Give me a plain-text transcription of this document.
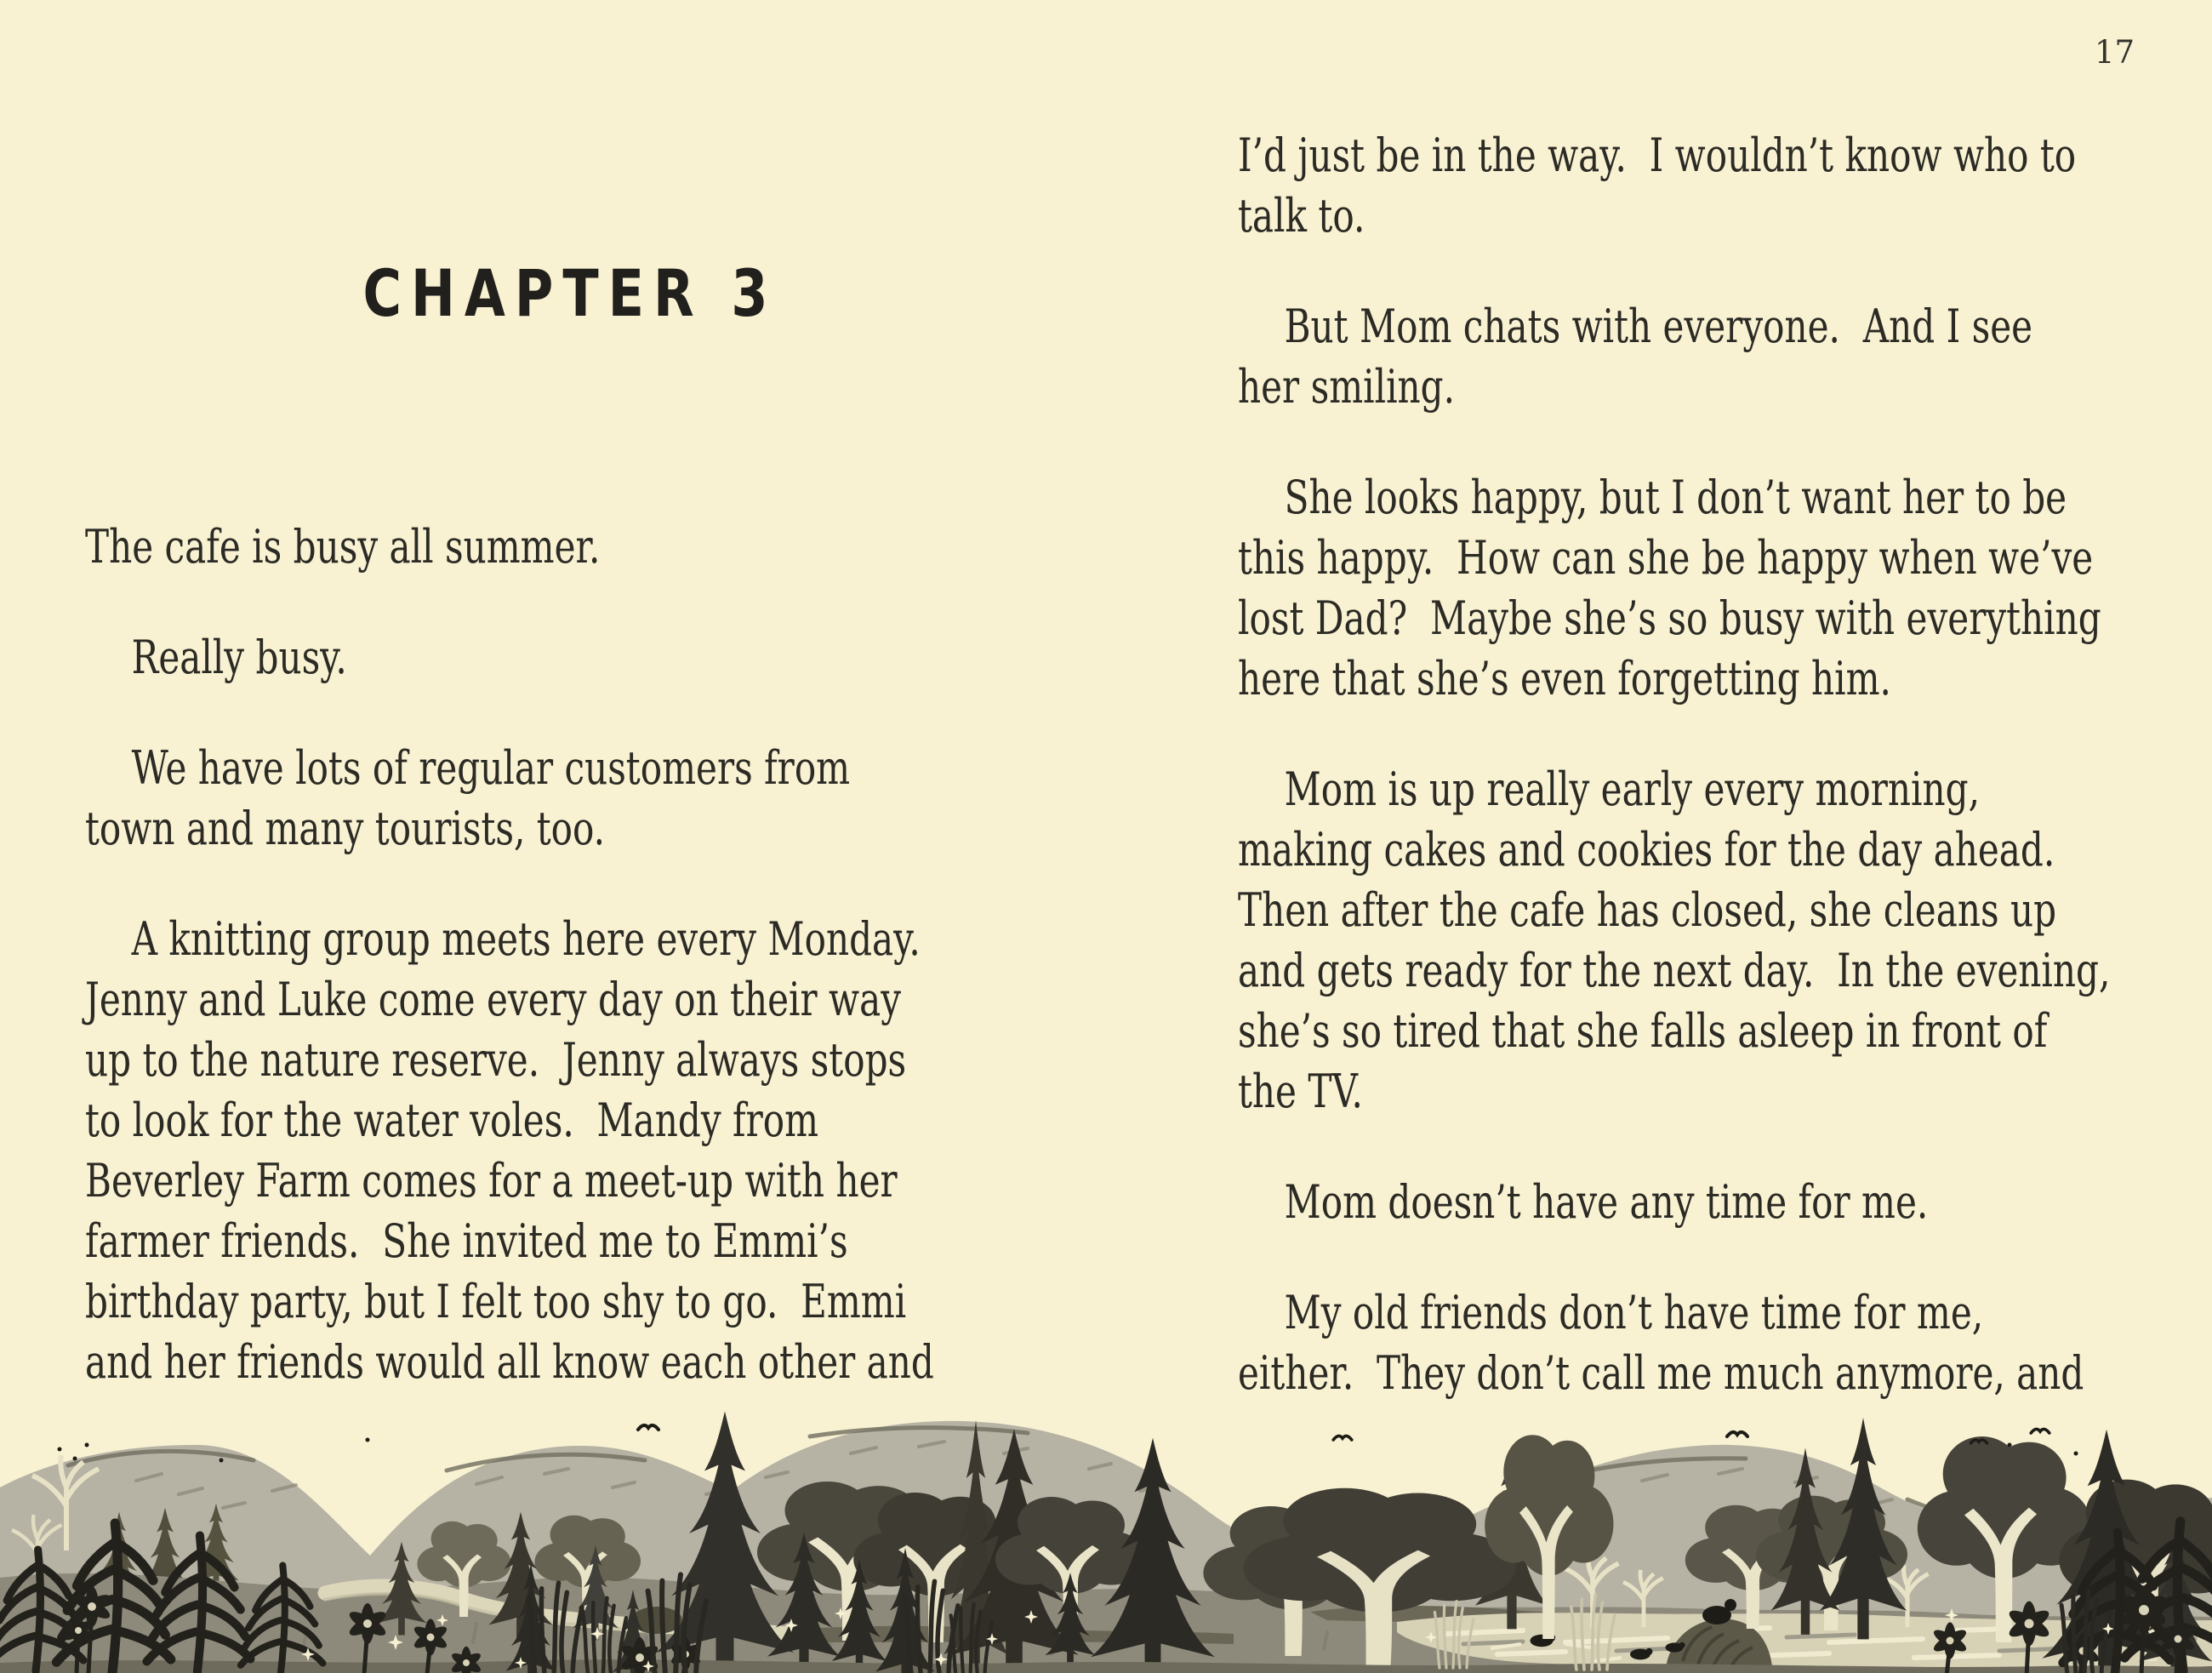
17
CHAPTER 3
The cafe is busy all summer.
Really busy.
We have lots of regular customers from
town and many tourists, too.
A knitting group meets here every Monday.
Jenny and Luke come every day on their way
up to the nature reserve.  Jenny always stops
to look for the water voles.  Mandy from
Beverley Farm comes for a meet-up with her
farmer friends.  She invited me to Emmi’s
birthday party, but I felt too shy to go.  Emmi
and her friends would all know each other and
I’d just be in the way.  I wouldn’t know who to
talk to.
But Mom chats with everyone.  And I see
her smiling.
She looks happy, but I don’t want her to be
this happy.  How can she be happy when we’ve
lost Dad?  Maybe she’s so busy with everything
here that she’s even forgetting him.
Mom is up really early every morning,
making cakes and cookies for the day ahead.
Then after the cafe has closed, she cleans up
and gets ready for the next day.  In the evening,
she’s so tired that she falls asleep in front of
the TV.
Mom doesn’t have any time for me.
My old friends don’t have time for me,
either.  They don’t call me much anymore, and
